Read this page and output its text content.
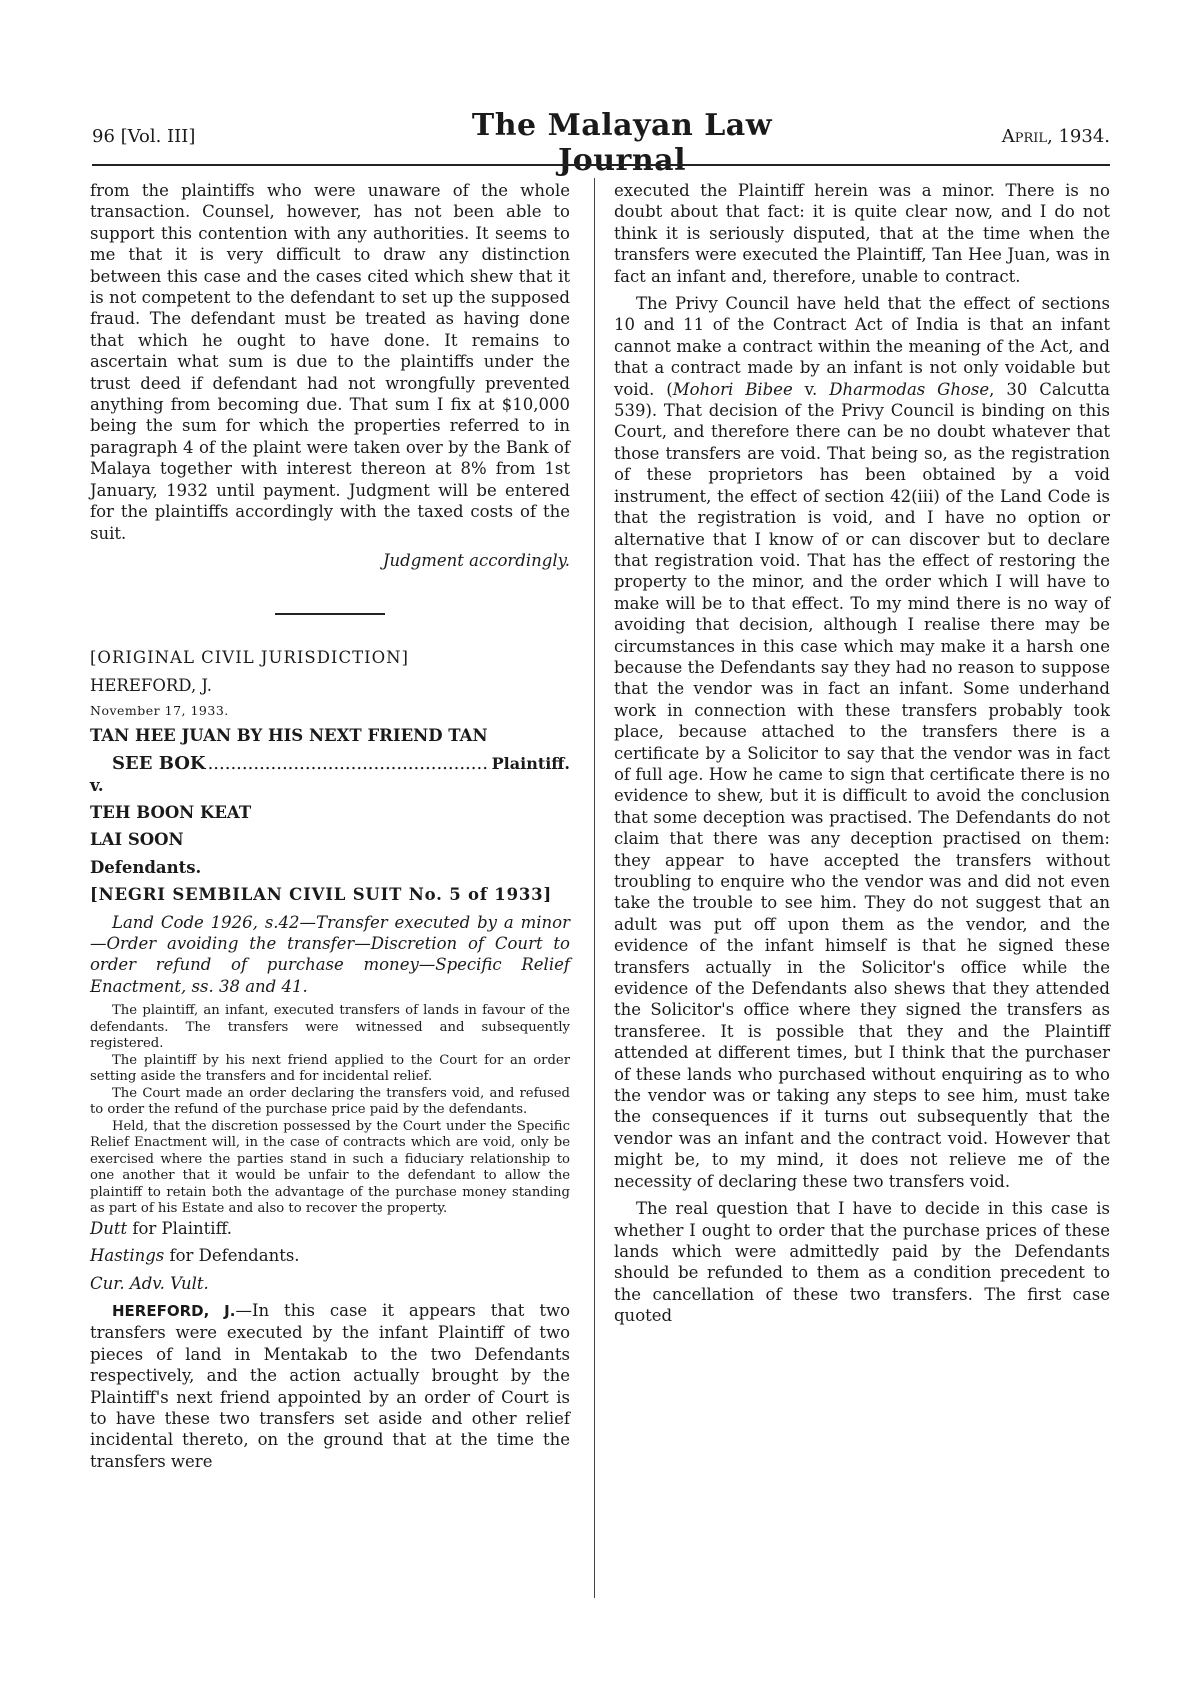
96 [Vol. III]	The Malayan Law Journal
April, 1934.

from the plaintiffs who were unaware of the whole transaction. Counsel, however, has not been able to support this contention with any authorities. It seems to me that it is very difficult to draw any distinction between this case and the cases cited which shew that it is not competent to the defendant to set up the supposed fraud. The defendant must be treated as having done that which he ought to have done. It remains to ascertain what sum is due to the plaintiffs under the trust deed if defendant had not wrongfully prevented anything from becoming due. That sum I fix at $10,000 being the sum for which the properties referred to in paragraph 4 of the plaint were taken over by the Bank of Malaya together with interest thereon at 8% from 1st January, 1932 until payment. Judgment will be entered for the plaintiffs accordingly with the taxed costs of the suit.

Judgment accordingly.

[ORIGINAL CIVIL JURISDICTION]

HEREFORD, J.

November 17, 1933.

TAN HEE JUAN BY HIS NEXT FRIEND TAN

SEE BOK
.....	Plaintiff.

v.

TEH BOON KEAT

LAI SOON

Defendants.

[NEGRI SEMBILAN CIVIL SUIT No. 5 of 1933]

Land Code 1926, s.42—Transfer executed by a minor—Order avoiding the transfer—Discretion of Court to order refund of purchase money—Specific Relief Enactment, ss. 38 and 41.

The plaintiff, an infant, executed transfers of lands in favour of the defendants. The transfers were witnessed and subsequently registered.

The plaintiff by his next friend applied to the Court for an order setting aside the transfers and for incidental relief.

The Court made an order declaring the transfers void, and refused to order the refund of the purchase price paid by the defendants.

Held, that the discretion possessed by the Court under the Specific Relief Enactment will, in the case of contracts which are void, only be exercised where the parties stand in such a fiduciary relationship to one another that it would be unfair to the defendant to allow the plaintiff to retain both the advantage of the purchase money standing as part of his Estate and also to recover the property.

Dutt for Plaintiff.

Hastings for Defendants.

Cur. Adv. Vult.

HEREFORD, J.—In this case it appears that two transfers were executed by the infant Plaintiff of two pieces of land in Mentakab to the two Defendants respectively, and the action actually brought by the Plaintiff's next friend appointed by an order of Court is to have these two transfers set aside and other relief incidental thereto, on the ground that at the time the transfers were

executed the Plaintiff herein was a minor. There is no doubt about that fact: it is quite clear now, and I do not think it is seriously disputed, that at the time when the transfers were executed the Plaintiff, Tan Hee Juan, was in fact an infant and, therefore, unable to contract.

The Privy Council have held that the effect of sections 10 and 11 of the Contract Act of India is that an infant cannot make a contract within the meaning of the Act, and that a contract made by an infant is not only voidable but void. (Mohori Bibee v. Dharmodas Ghose, 30 Calcutta 539). That decision of the Privy Council is binding on this Court, and therefore there can be no doubt whatever that those transfers are void. That being so, as the registration of these proprietors has been obtained by a void instrument, the effect of section 42(iii) of the Land Code is that the registration is void, and I have no option or alternative that I know of or can discover but to declare that registration void. That has the effect of restoring the property to the minor, and the order which I will have to make will be to that effect. To my mind there is no way of avoiding that decision, although I realise there may be circumstances in this case which may make it a harsh one because the Defendants say they had no reason to suppose that the vendor was in fact an infant. Some underhand work in connection with these transfers probably took place, because attached to the transfers there is a certificate by a Solicitor to say that the vendor was in fact of full age. How he came to sign that certificate there is no evidence to shew, but it is difficult to avoid the conclusion that some deception was practised. The Defendants do not claim that there was any deception practised on them: they appear to have accepted the transfers without troubling to enquire who the vendor was and did not even take the trouble to see him. They do not suggest that an adult was put off upon them as the vendor, and the evidence of the infant himself is that he signed these transfers actually in the Solicitor's office while the evidence of the Defendants also shews that they attended the Solicitor's office where they signed the transfers as transferee. It is possible that they and the Plaintiff attended at different times, but I think that the purchaser of these lands who purchased without enquiring as to who the vendor was or taking any steps to see him, must take the consequences if it turns out subsequently that the vendor was an infant and the contract void. However that might be, to my mind, it does not relieve me of the necessity of declaring these two transfers void.

The real question that I have to decide in this case is whether I ought to order that the purchase prices of these lands which were admittedly paid by the Defendants should be refunded to them as a condition precedent to the cancellation of these two transfers. The first case quoted
